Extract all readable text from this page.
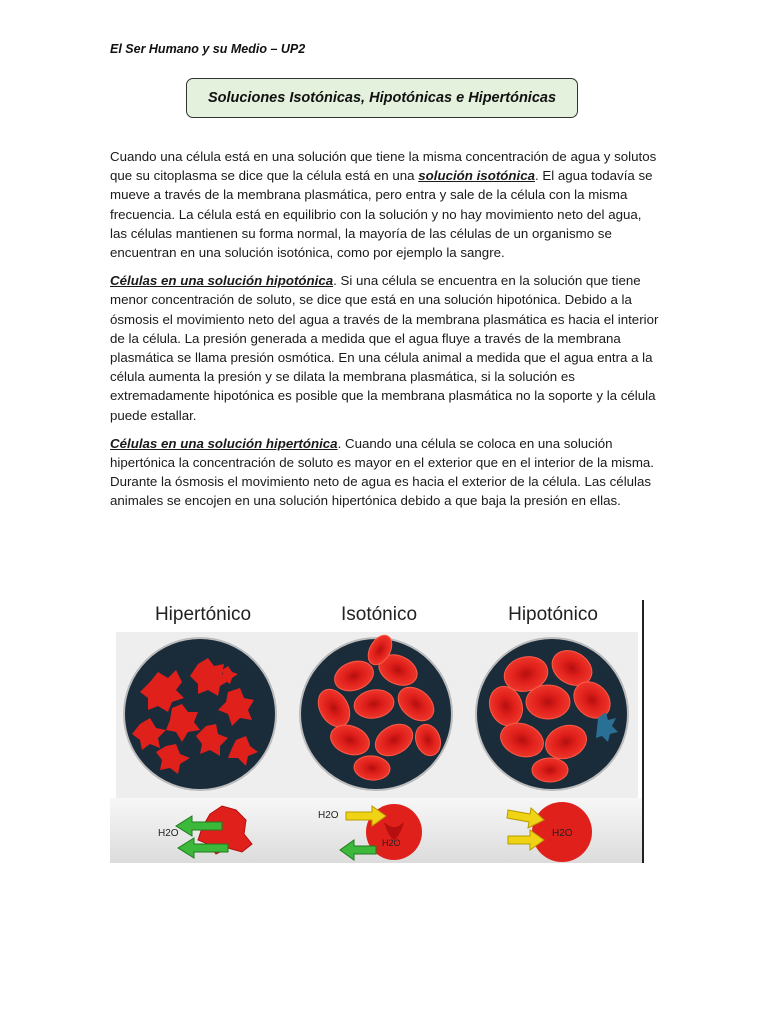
El Ser Humano y su Medio – UP2
Soluciones Isotónicas, Hipotónicas e Hipertónicas

Cuando una célula está en una solución que tiene la misma concentración de agua y solutos que su citoplasma se dice que la célula está en una solución isotónica. El agua todavía se mueve a través de la membrana plasmática, pero entra y sale de la célula con la misma frecuencia. La célula está en equilibrio con la solución y no hay movimiento neto del agua, las células mantienen su forma normal, la mayoría de las células de un organismo se encuentran en una solución isotónica, como por ejemplo la sangre.

Células en una solución hipotónica. Si una célula se encuentra en la solución que tiene menor concentración de soluto, se dice que está en una solución hipotónica. Debido a la ósmosis el movimiento neto del agua a través de la membrana plasmática es hacia el interior de la célula. La presión generada a medida que el agua fluye a través de la membrana plasmática se llama presión osmótica. En una célula animal a medida que el agua entra a la célula aumenta la presión y se dilata la membrana plasmática, si la solución es extremadamente hipotónica es posible que la membrana plasmática no la soporte y la célula puede estallar.

Células en una solución hipertónica. Cuando una célula se coloca en una solución hipertónica la concentración de soluto es mayor en el exterior que en el interior de la misma. Durante la ósmosis el movimiento neto de agua es hacia el exterior de la célula. Las células animales se encojen en una solución hipertónica debido a que baja la presión en ellas.

Hipertónico	Isotónico	Hipotónico
H2O
H2O
H2O
H2O
